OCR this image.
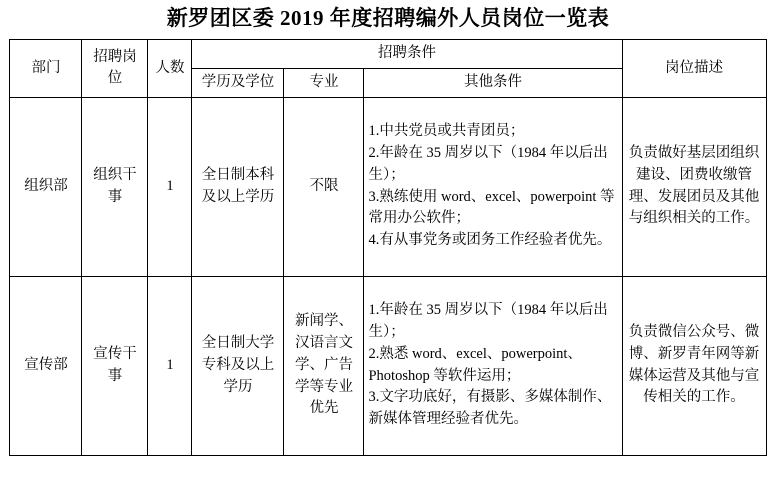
新罗团区委 2019 年度招聘编外人员岗位一览表
部门	招聘岗位	人数	招聘条件			岗位描述
			学历及学位	专业	其他条件	
组织部	组织干事	1	全日制本科及以上学历	不限	1.中共党员或共青团员；
2.年龄在 35 周岁以下（1984 年以后出生）；
3.熟练使用 word、excel、powerpoint 等常用办公软件；
4.有从事党务或团务工作经验者优先。	负责做好基层团组织建设、团费收缴管理、发展团员及其他与组织相关的工作。
宣传部	宣传干事	1	全日制大学专科及以上学历	新闻学、汉语言文学、广告学等专业优先	1.年龄在 35 周岁以下（1984 年以后出生）；
2.熟悉 word、excel、powerpoint、Photoshop 等软件运用；
3.文字功底好，有摄影、多媒体制作、新媒体管理经验者优先。	负责微信公众号、微博、新罗青年网等新媒体运营及其他与宣传相关的工作。
